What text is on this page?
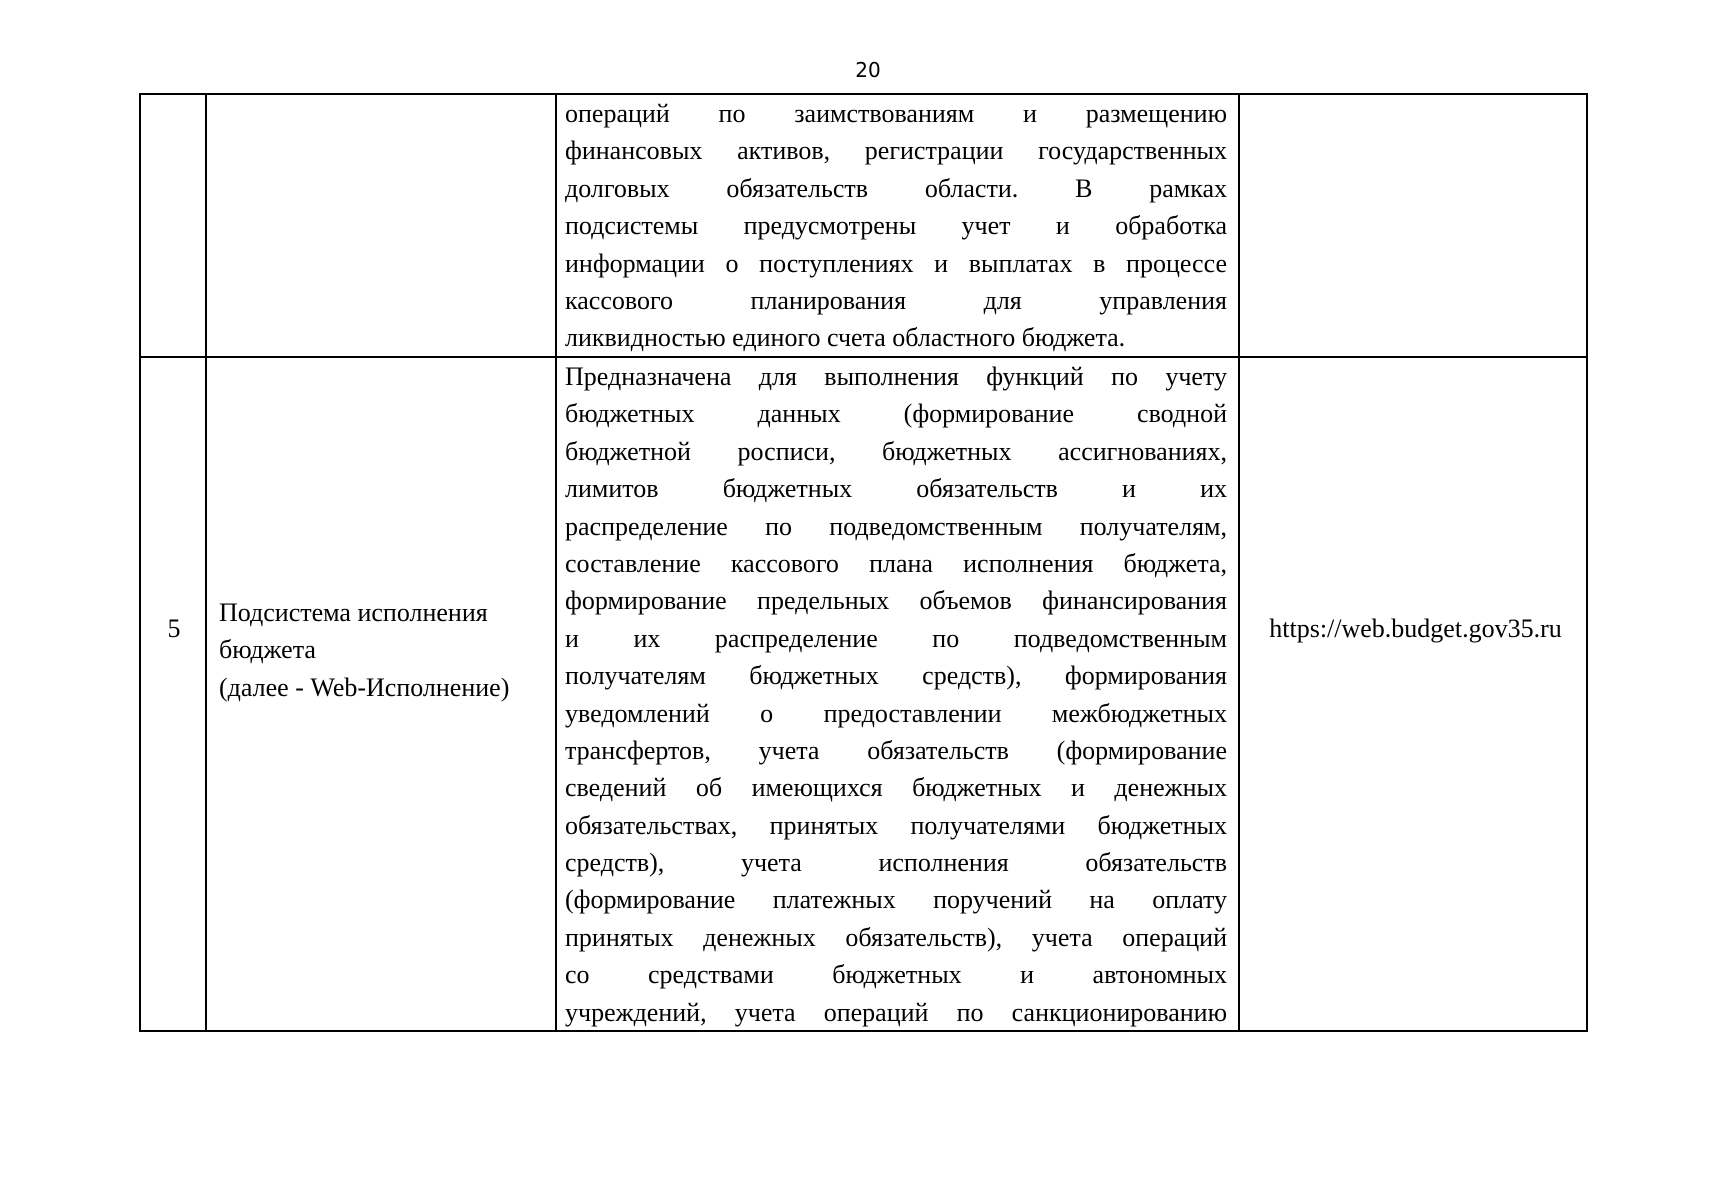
20
операций по заимствованиям и размещению
финансовых активов, регистрации государственных
долговых обязательств области. В рамках
подсистемы предусмотрены учет и обработка
информации о поступлениях и выплатах в процессе
кассового планирования для управления
ликвидностью единого счета областного бюджета.
5
Подсистема исполнения
бюджета
(далее - Web-Исполнение)
Предназначена для выполнения функций по учету
бюджетных данных (формирование сводной
бюджетной росписи, бюджетных ассигнованиях,
лимитов бюджетных обязательств и их
распределение по подведомственным получателям,
составление кассового плана исполнения бюджета,
формирование предельных объемов финансирования
и их распределение по подведомственным
получателям бюджетных средств), формирования
уведомлений о предоставлении межбюджетных
трансфертов, учета обязательств (формирование
сведений об имеющихся бюджетных и денежных
обязательствах, принятых получателями бюджетных
средств), учета исполнения обязательств
(формирование платежных поручений на оплату
принятых денежных обязательств), учета операций
со средствами бюджетных и автономных
учреждений, учета операций по санкционированию
https://web.budget.gov35.ru
